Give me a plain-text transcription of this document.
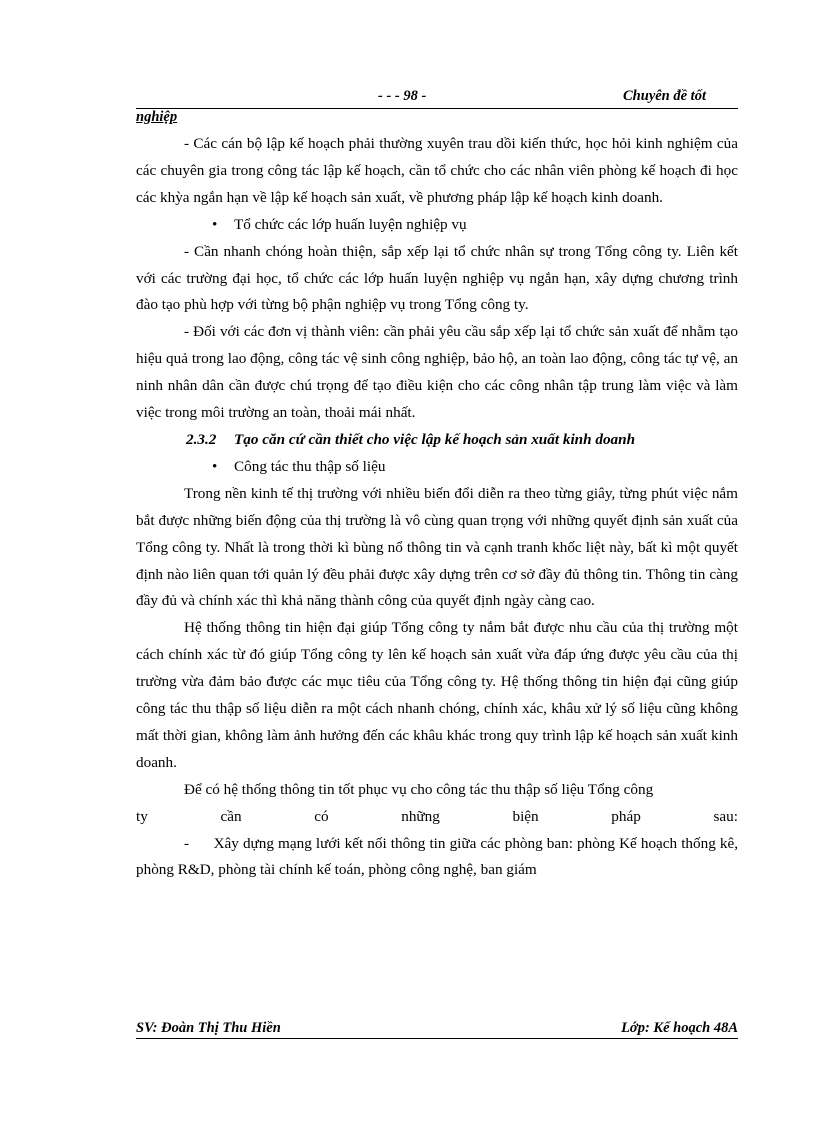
- - - 98 -	Chuyên đề tốt
nghiệp

- Các cán bộ lập kế hoạch phải thường xuyên trau dồi kiến thức, học hỏi kinh nghiệm của các chuyên gia trong công tác lập kế hoạch, cần tổ chức cho các nhân viên phòng kế hoạch đi học các khỳa ngắn hạn về lập kế hoạch sản xuất, về phương pháp lập kế hoạch kinh doanh.

• Tổ chức các lớp huấn luyện nghiệp vụ

- Cần nhanh chóng hoàn thiện, sắp xếp lại tổ chức nhân sự trong Tổng công ty. Liên kết với các trường đại học, tổ chức các lớp huấn luyện nghiệp vụ ngắn hạn, xây dựng chương trình đào tạo phù hợp với từng bộ phận nghiệp vụ trong Tổng công ty.

- Đối với các đơn vị thành viên: cần phải yêu cầu sắp xếp lại tổ chức sản xuất để nhằm tạo hiệu quả trong lao động, công tác vệ sinh công nghiệp, bảo hộ, an toàn lao động, công tác tự vệ, an ninh nhân dân cần được chú trọng để tạo điều kiện cho các công nhân tập trung làm việc và làm việc trong môi trường an toàn, thoải mái nhất.

2.3.2 Tạo căn cứ cần thiết cho việc lập kế hoạch sản xuất kinh doanh
• Công tác thu thập số liệu

Trong nền kinh tế thị trường với nhiều biến đổi diễn ra theo từng giây, từng phút việc nắm bắt được những biến động của thị trường là vô cùng quan trọng với những quyết định sản xuất của Tổng công ty. Nhất là trong thời kì bùng nổ thông tin và cạnh tranh khốc liệt này, bất kì một quyết định nào liên quan tới quản lý đều phải được xây dựng trên cơ sở đầy đủ thông tin. Thông tin càng đầy đủ và chính xác thì khả năng thành công của quyết định ngày càng cao.

Hệ thống thông tin hiện đại giúp Tổng công ty nắm bắt được nhu cầu của thị trường một cách chính xác từ đó giúp Tổng công ty lên kế hoạch sản xuất vừa đáp ứng được yêu cầu của thị trường vừa đảm bảo được các mục tiêu của Tổng công ty. Hệ thống thông tin hiện đại cũng giúp công tác thu thập số liệu diễn ra một cách nhanh chóng, chính xác, khâu xử lý số liệu cũng không mất thời gian, không làm ảnh hưởng đến các khâu khác trong quy trình lập kế hoạch sản xuất kinh doanh.

Để có hệ thống thông tin tốt phục vụ cho công tác thu thập số liệu Tổng công

ty	cần	có	những	biện	pháp	sau:

- Xây dựng mạng lưới kết nối thông tin giữa các phòng ban: phòng Kế hoạch thống kê, phòng R&D, phòng tài chính kế toán, phòng công nghệ, ban giám

SV: Đoàn Thị Thu Hiền	Lớp: Kế hoạch 48A
